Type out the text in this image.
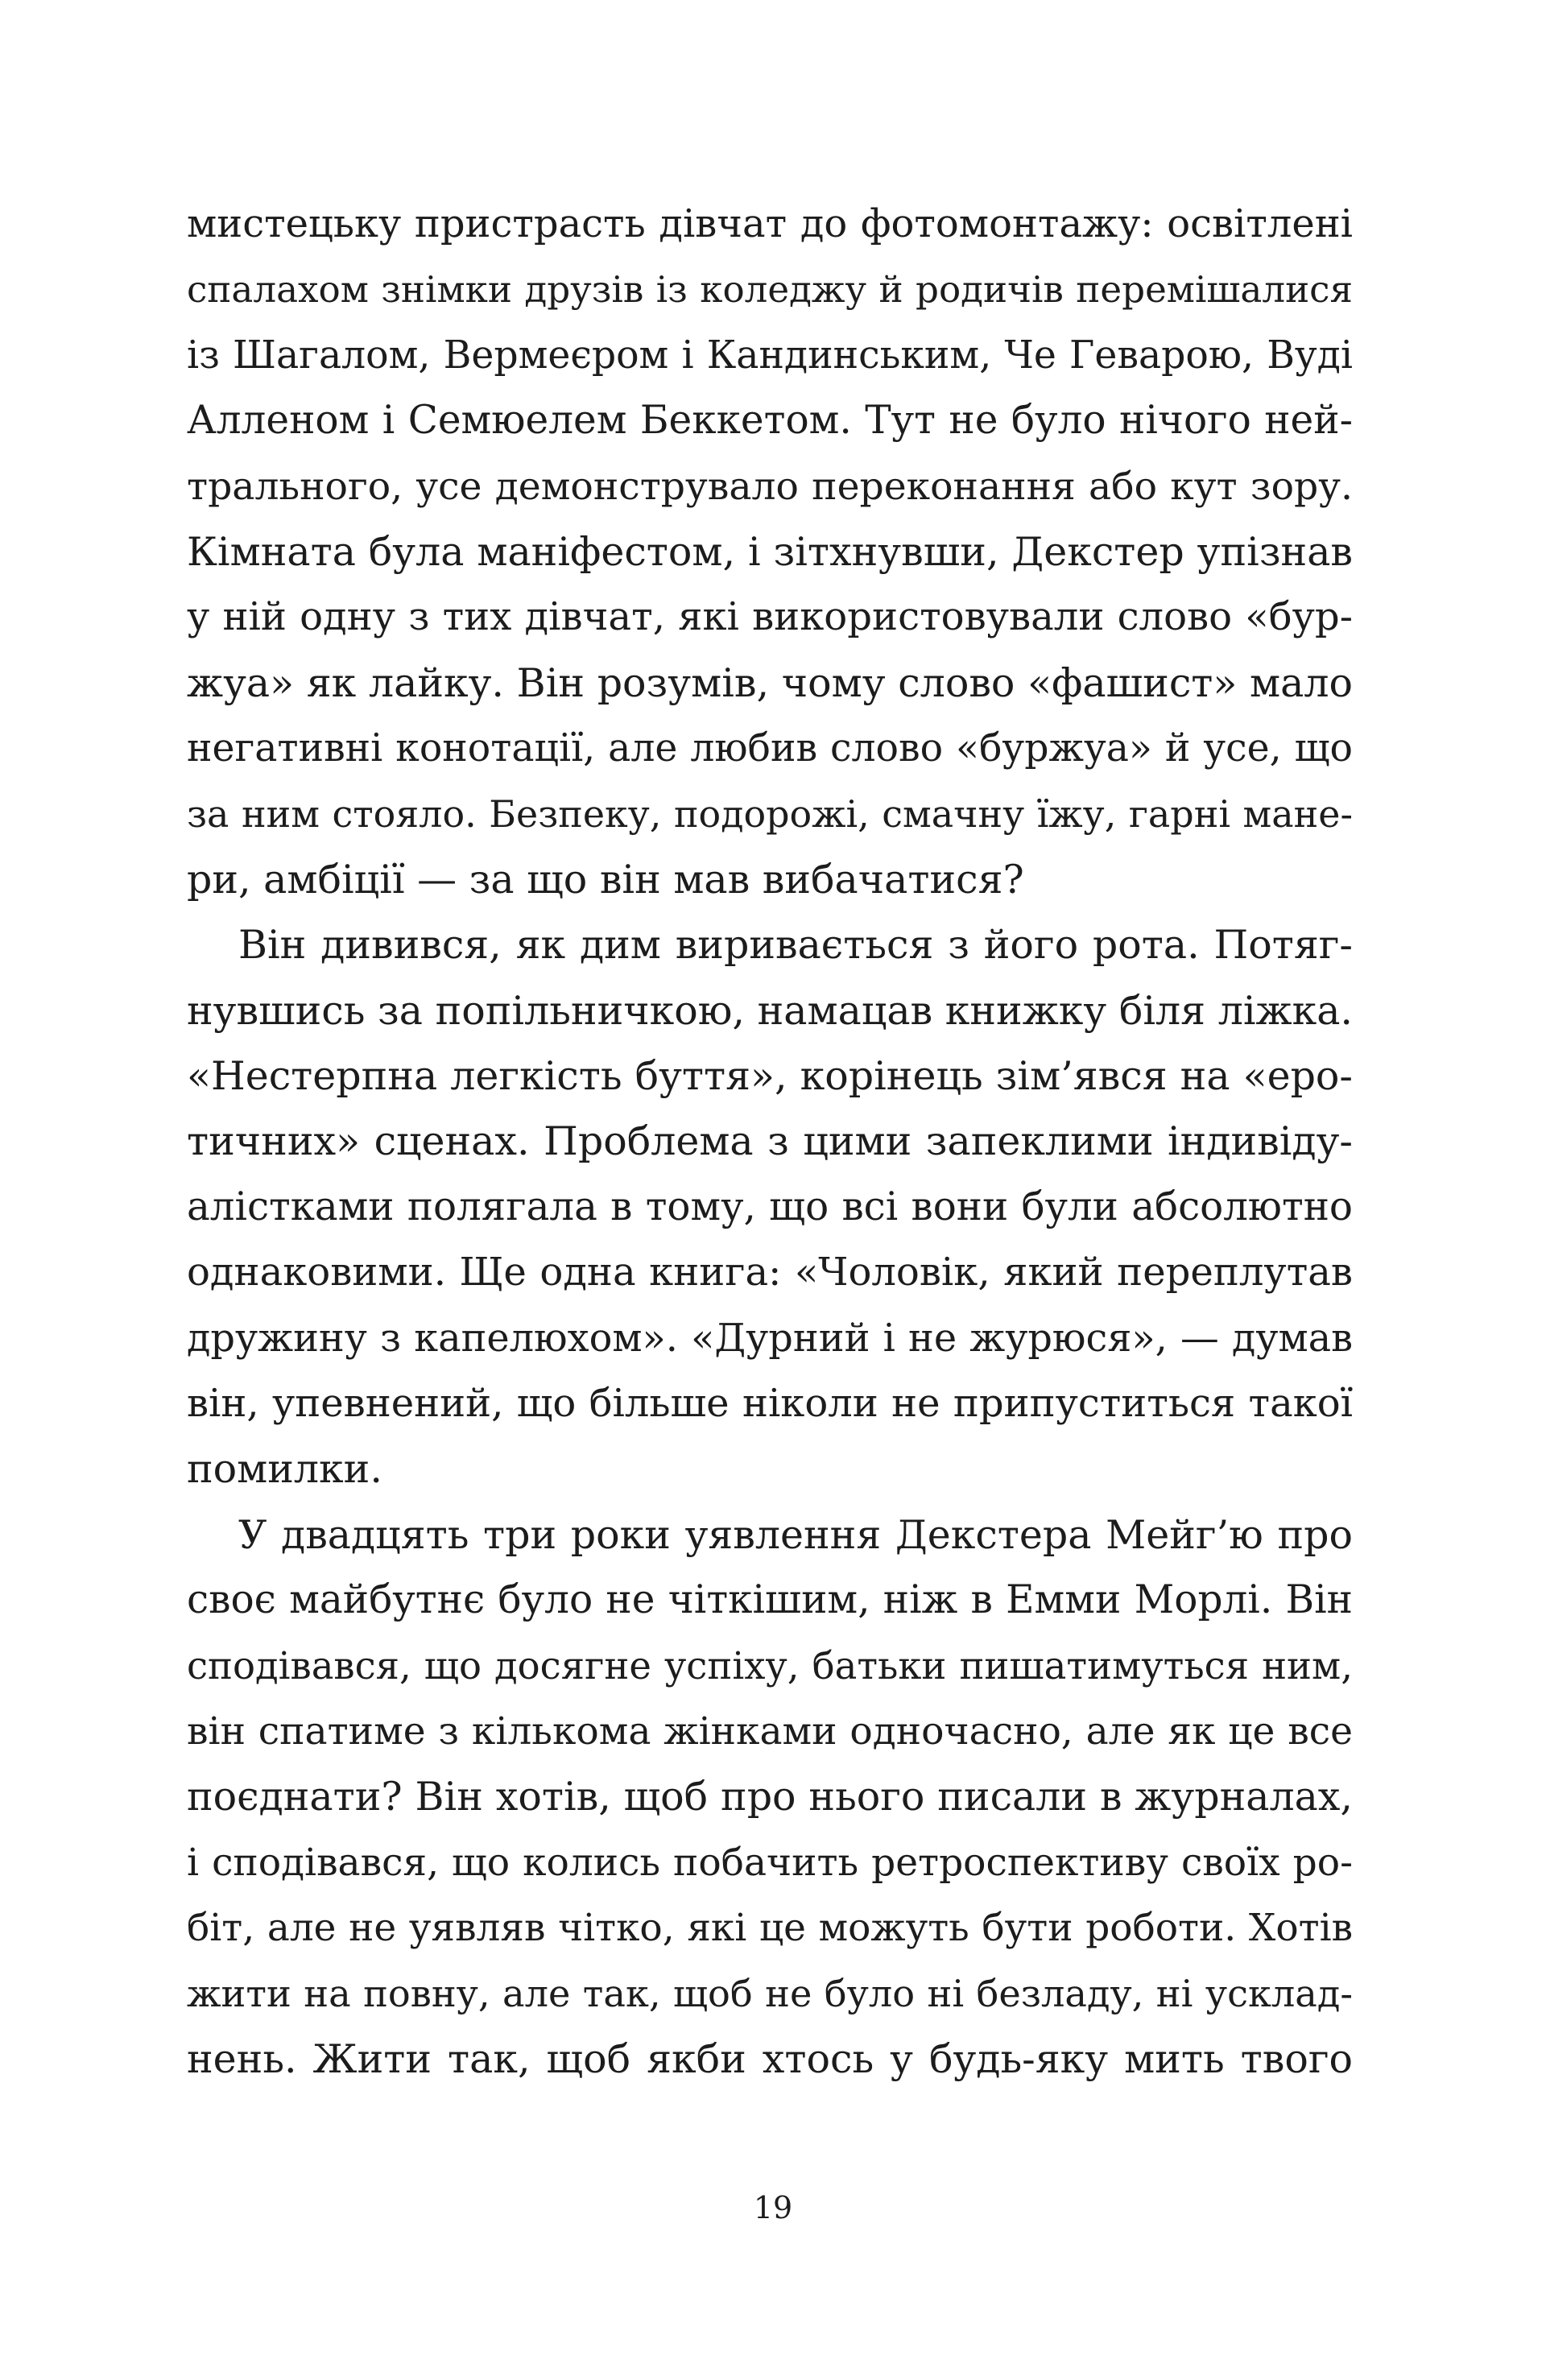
мистецьку пристрасть дівчат до фотомонтажу: освітлені
спалахом знімки друзів із коледжу й родичів перемішалися
із Шагалом, Вермеєром і Кандинським, Че Геварою, Вуді
Алленом і Семюелем Беккетом. Тут не було нічого ней-
трального, усе демонструвало переконання або кут зору.
Кімната була маніфестом, і зітхнувши, Декстер упізнав
у ній одну з тих дівчат, які використовували слово «бур-
жуа» як лайку. Він розумів, чому слово «фашист» мало
негативні конотації, але любив слово «буржуа» й усе, що
за ним стояло. Безпеку, подорожі, смачну їжу, гарні мане-
ри, амбіції — за що він мав вибачатися?
Він дивився, як дим виривається з його рота. Потяг-
нувшись за попільничкою, намацав книжку біля ліжка.
«Нестерпна легкість буття», корінець зім’явся на «еро-
тичних» сценах. Проблема з цими запеклими індивіду-
алістками полягала в тому, що всі вони були абсолютно
однаковими. Ще одна книга: «Чоловік, який переплутав
дружину з капелюхом». «Дурний і не журюся», — думав
він, упевнений, що більше ніколи не припуститься такої
помилки.
У двадцять три роки уявлення Декстера Мейг’ю про
своє майбутнє було не чіткішим, ніж в Емми Морлі. Він
сподівався, що досягне успіху, батьки пишатимуться ним,
він спатиме з кількома жінками одночасно, але як це все
поєднати? Він хотів, щоб про нього писали в журналах,
і сподівався, що колись побачить ретроспективу своїх ро-
біт, але не уявляв чітко, які це можуть бути роботи. Хотів
жити на повну, але так, щоб не було ні безладу, ні усклад-
нень. Жити так, щоб якби хтось у будь-яку мить твого
19
